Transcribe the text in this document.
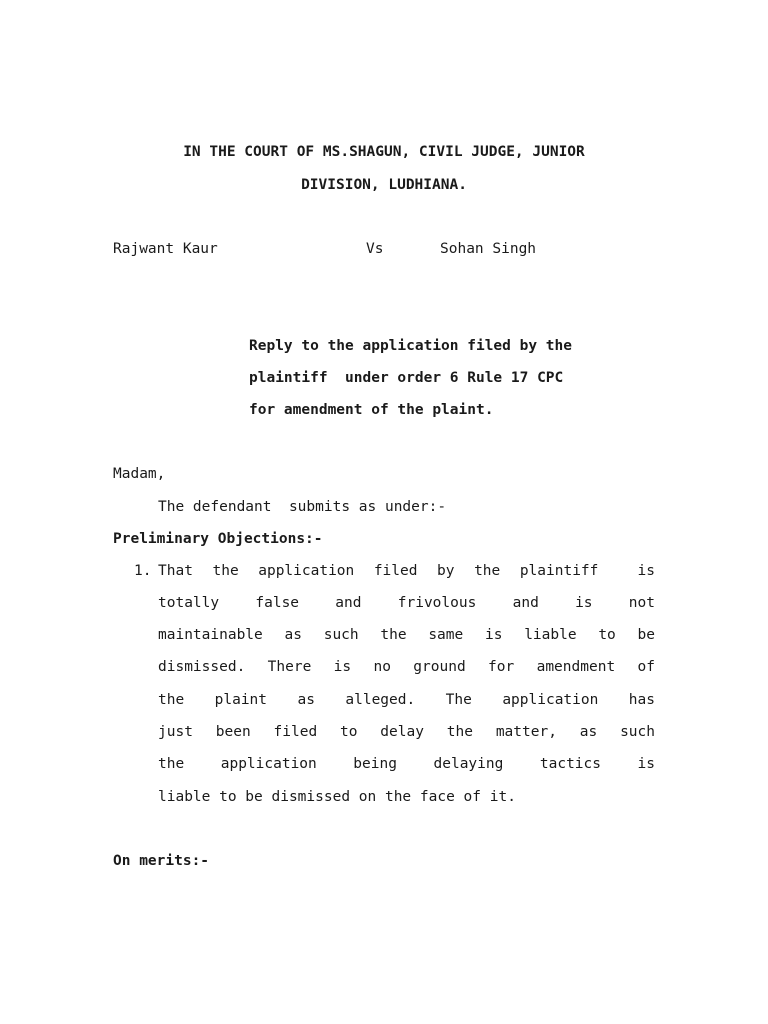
IN THE COURT OF MS.SHAGUN, CIVIL JUDGE, JUNIOR
DIVISION, LUDHIANA.
Rajwant Kaur	Vs	Sohan Singh
Reply to the application filed by the
plaintiff  under order 6 Rule 17 CPC
for amendment of the plaint.
Madam,
The defendant  submits as under:-
Preliminary Objections:-
1. That the application filed by the plaintiff  is
totally false and frivolous and is not
maintainable as such the same is liable to be
dismissed. There is no ground for amendment of
the plaint as alleged. The application has
just been filed to delay the matter, as such
the application being delaying tactics is
liable to be dismissed on the face of it.
On merits:-
